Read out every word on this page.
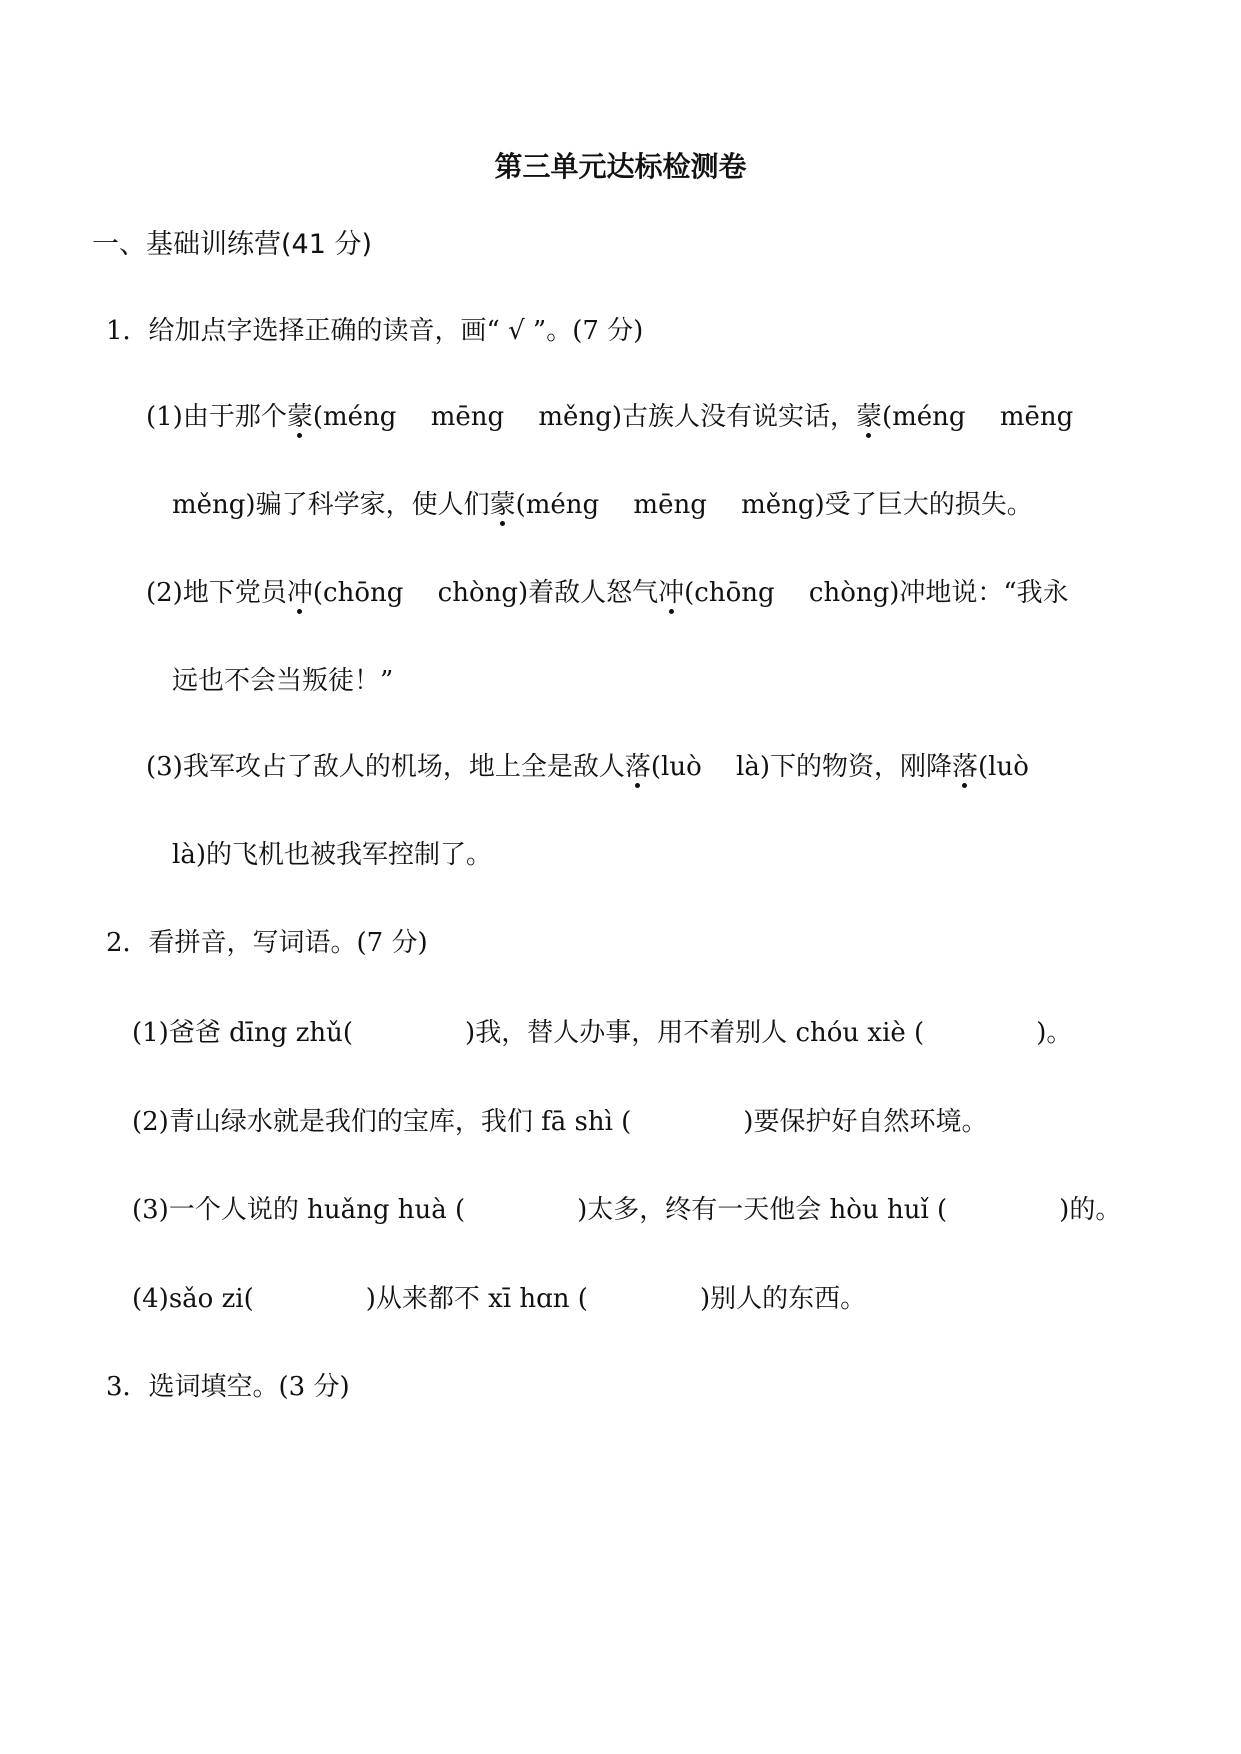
第三单元达标检测卷
一、基础训练营(41 分)
1．给加点字选择正确的读音，画“ √ ”。(7 分)
(1)由于那个蒙(méng　 mēng　 měng)古族人没有说实话，蒙(méng　 mēng
měng)骗了科学家，使人们蒙(méng　 mēng　 měng)受了巨大的损失。
(2)地下党员冲(chōng　 chòng)着敌人怒气冲(chōng　 chòng)冲地说：“我永
远也不会当叛徒！”
(3)我军攻占了敌人的机场，地上全是敌人落(luò　 là)下的物资，刚降落(luò
là)的飞机也被我军控制了。
2．看拼音，写词语。(7 分)
(1)爸爸 dīng zhǔ(	)我，替人办事，用不着别人 chóu xiè (	)。
(2)青山绿水就是我们的宝库，我们 fā shì (	)要保护好自然环境。
(3)一个人说的 huǎng huà (	)太多，终有一天他会 hòu huǐ (	)的。
(4)sǎo zi(	)从来都不 xī hɑn (	)别人的东西。
3．选词填空。(3 分)
